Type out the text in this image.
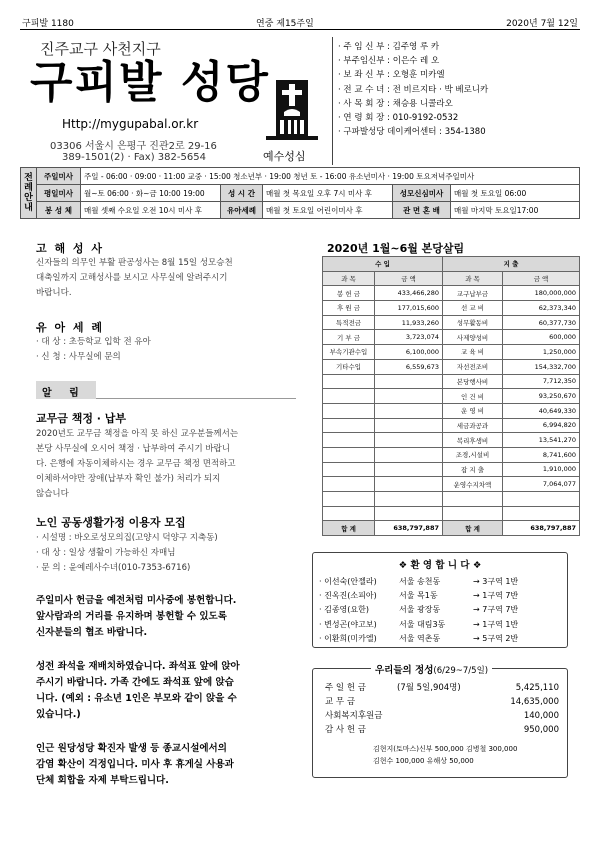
구피발 1180	연중 제15주일	2020년 7월 12일
진주교구 사천지구
구피발 성당
Http://mygupabal.or.kr
03306 서울시 은평구 진관2로 29-16
389-1501(2) · Fax) 382-5654	예수성심
· 주 임 신 부 : 김주영 루 카
· 부주임신부 : 이은수 레 오
· 보 좌 신 부 : 오형훈 미카엘
· 전 교 수 녀 : 전 비르지타 · 박 베로니카
· 사 목 회 장 : 채승용 니콜라오
· 연 령 회 장 : 010-9192-0532
· 구파발성당 데이케어센터 : 354-1380
전례안내	주일미사	주일 - 06:00 · 09:00 · 11:00 교중 · 15:00 청소년부 · 19:00 청년 토 - 16:00 유소년미사 · 19:00 토요저녁주일미사				
	평일미사	월~토 06:00 · 화~금 10:00 19:00	성 시 간	매월 첫 목요일 오후 7시 미사 후	성모신심미사	매월 첫 토요일 06:00
	봉 성 체	매월 셋째 수요일 오전 10시 미사 후	유아세례	매월 첫 토요일 어린이미사 후	관 면 혼 배	매월 마지막 토요일17:00
고 해 성 사
신자들의 의무인 부활 판공성사는 8월 15일 성모승천
대축일까지 고해성사를 보시고 사무실에 알려주시기
바랍니다.
유 아 세 례
· 대 상 : 초등학교 입학 전 유아
· 신 청 : 사무실에 문의
알     림
교무금 책정 · 납부
2020년도 교무금 책정을 아직 못 하신 교우분들께서는
본당 사무실에 오시어 책정 · 납부하여 주시기 바랍니
다. 은행에 자동이체하시는 경우 교무금 책정 면적하고
이체하셔야만 장애(납부자 확인 불가) 처리가 되지
않습니다
노인 공동생활가정 이용자 모집
· 시설명 : 바오로성모의집(고양시 덕양구 지축동)
· 대 상 : 일상 생활이 가능하신 자매님
· 문 의 : 윤예레사수녀(010-7353-6716)
주일미사 헌금을 예전처럼 미사중에 봉헌합니다.
앞사람과의 거리를 유지하며 봉헌할 수 있도록
신자분들의 협조 바랍니다.
성전 좌석을 재배치하였습니다. 좌석표 앞에 앉아
주시기 바랍니다. 가족 간에도 좌석표 앞에 앉습
니다. (예외 : 유소년 1인은 부모와 같이 앉을 수
있습니다.)
인근 원당성당 확진자 발생 등 종교시설에서의
감염 확산이 걱정입니다. 미사 후 휴게실 사용과
단체 회합을 자제 부탁드립니다.
2020년 1월~6월 본당살림
수 입		지 출	
과 목	금 액	과 목	금 액
봉 헌 금	433,466,280	교구납부금	180,000,000
후 원 금	177,015,600	선 교 비	62,373,340
특적전금	11,933,260	성무활동비	60,377,730
기 부 금	3,723,074	사제양성비	600,000
부속기관수입	6,100,000	교 육 비	1,250,000
기타수입	6,559,673	자선전조비	154,332,700
		본당행사비	7,712,350
		인 건 비	93,250,670
		운 영 비	40,649,330
		세금과공과	6,994,820
		복리후생비	13,541,270
		조경,시설비	8,741,600
		잡 지 출	1,910,000
		운영수지차액	7,064,077

합 계	638,797,887	합 계	638,797,887
❖ 환 영 합 니 다 ❖
· 이선숙(안젤라)	서울 송천동	→ 3구역 1반
· 진옥진(소피아)	서울 목1동	→ 1구역 7반
· 김종영(요한)	서울 광장동	→ 7구역 7반
· 변성곤(야고보)	서울 대림3동	→ 1구역 1반
· 이환희(미카엘)	서울 역촌동	→ 5구역 2반
우리들의 정성(6/29~7/5일)
주 일 헌 금	(7월 5일,904명)	5,425,110
교 무 금	14,635,000
사회복지후원금	140,000
감 사 헌 금	950,000
김현지(토마스)신부 500,000 김병철 300,000
김현수 100,000 유해상 50,000
